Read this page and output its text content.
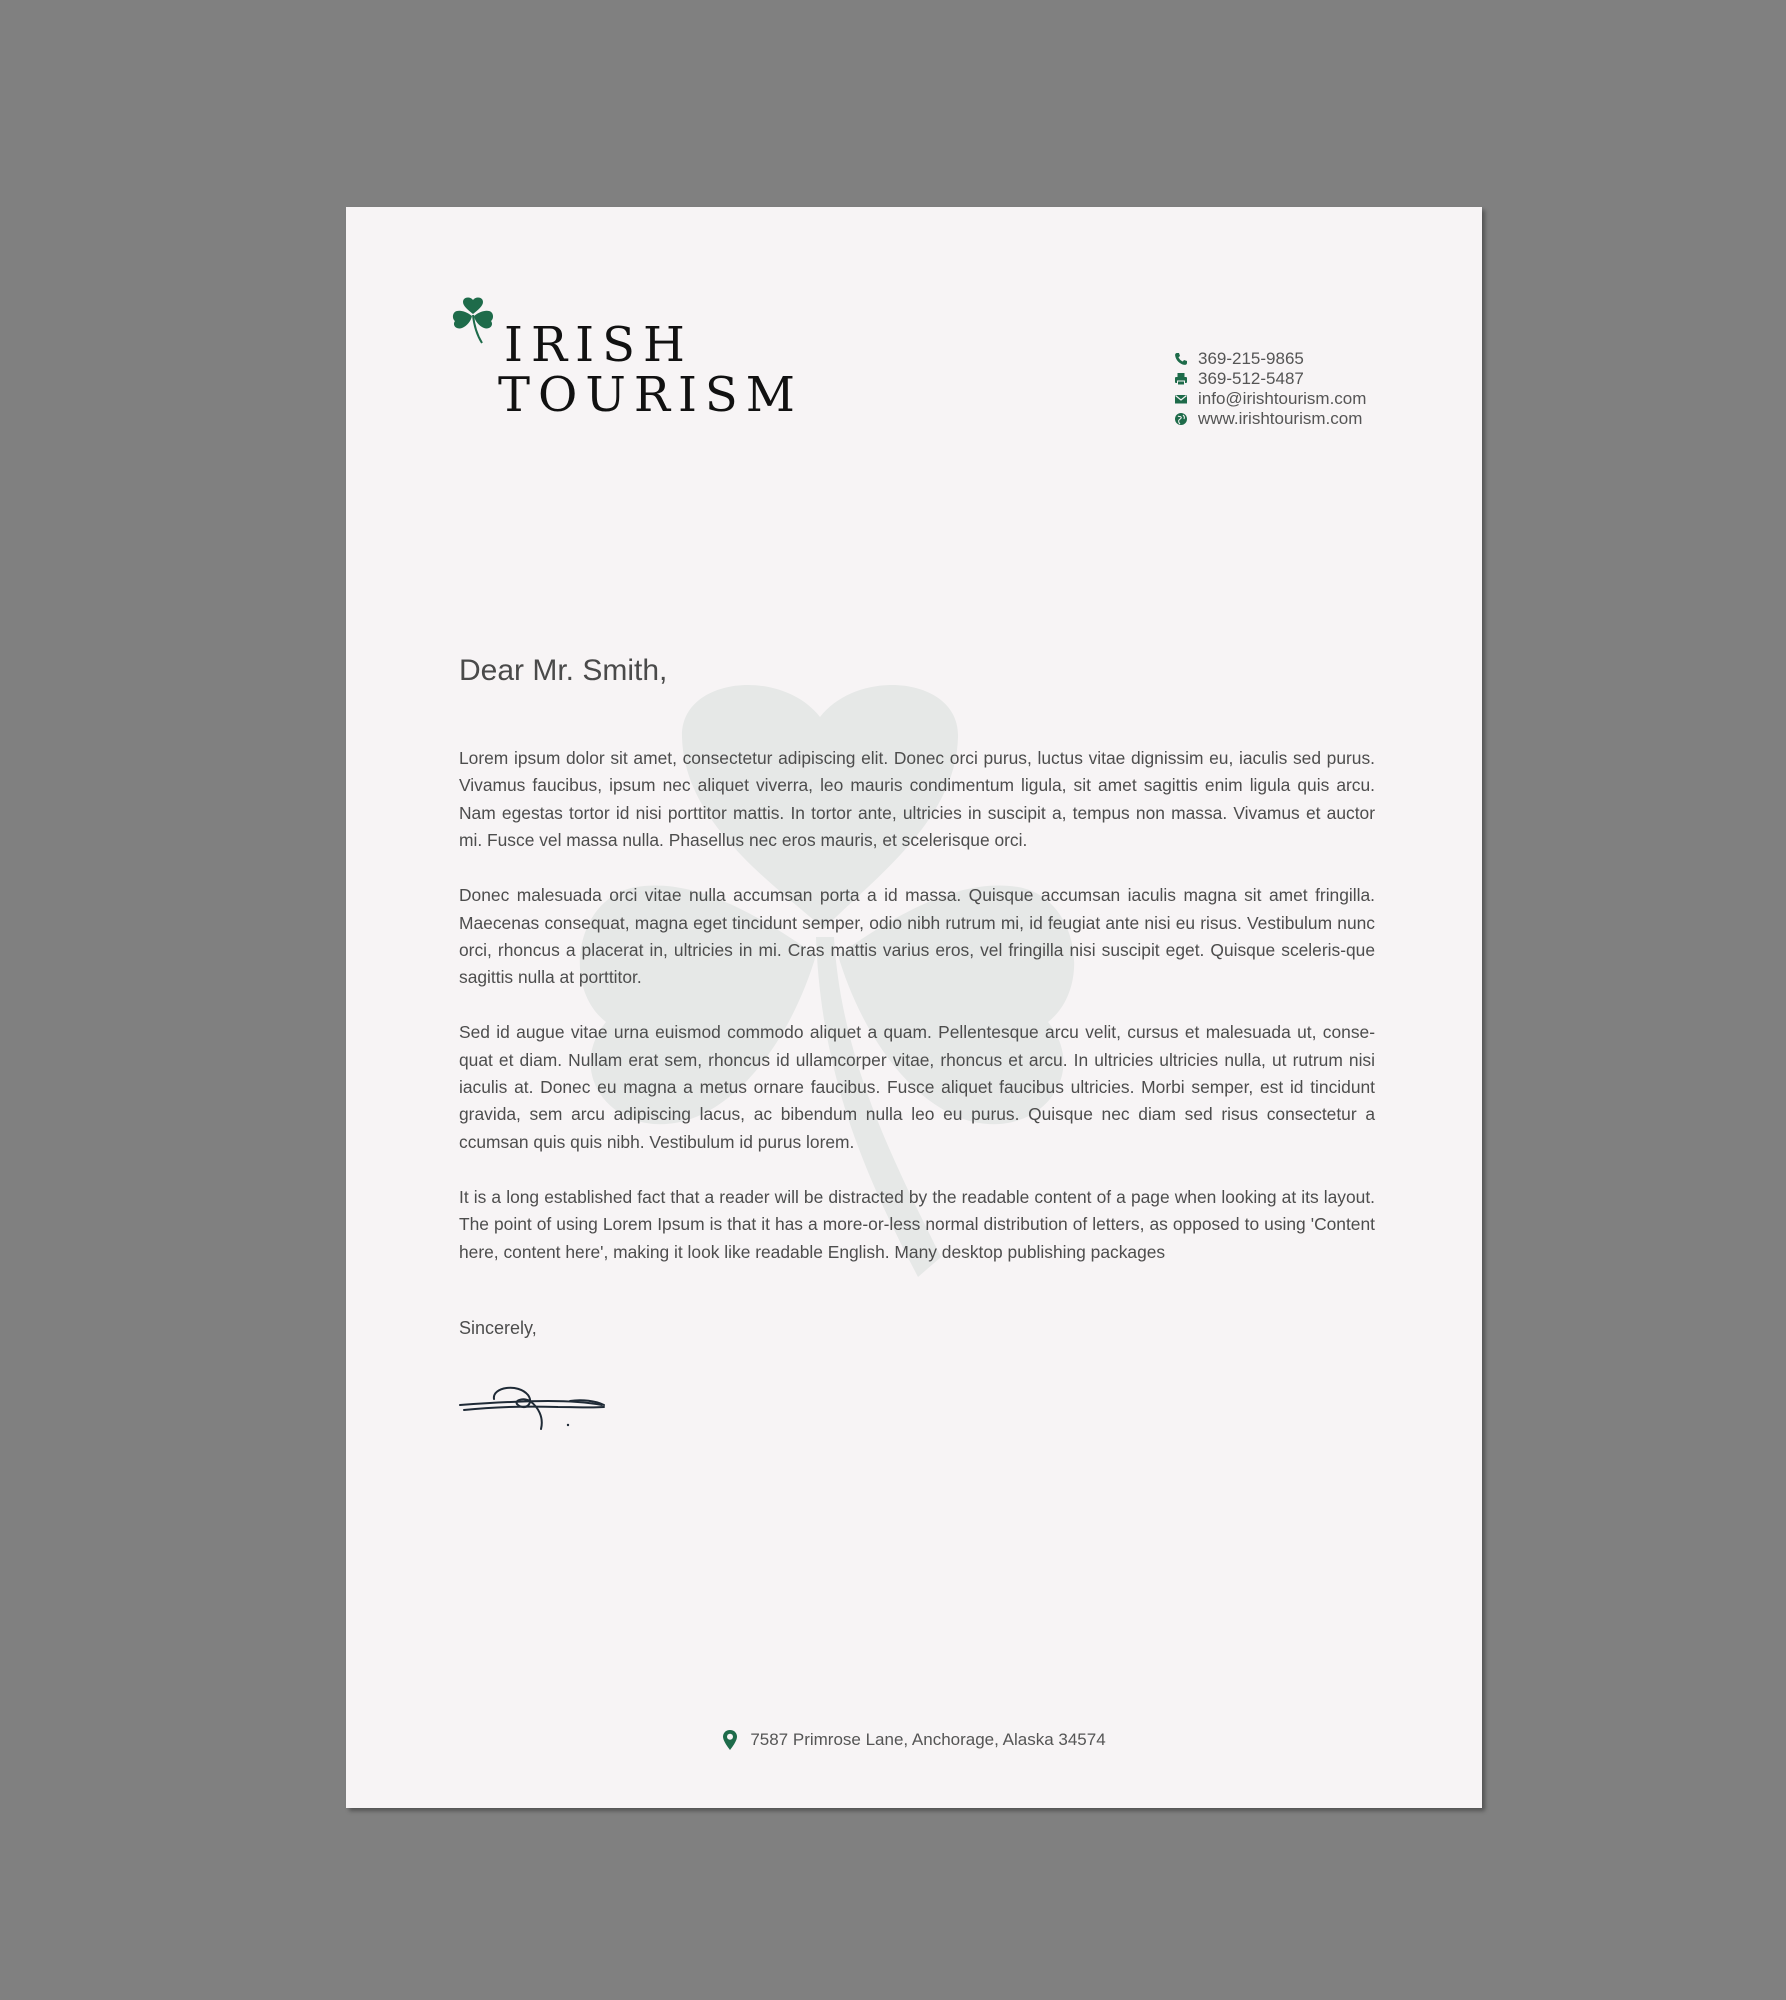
IRISH
TOURISM
369-215-9865
369-512-5487
info@irishtourism.com
www.irishtourism.com
Dear Mr. Smith,

Lorem ipsum dolor sit amet, consectetur adipiscing elit. Donec orci purus, luctus vitae dignissim eu, iaculis sed purus. Vivamus faucibus, ipsum nec aliquet viverra, leo mauris condimentum ligula, sit amet sagittis enim ligula quis arcu. Nam egestas tortor id nisi porttitor mattis. In tortor ante, ultricies in suscipit a, tempus non massa. Vivamus et auctor mi. Fusce vel massa nulla. Phasellus nec eros mauris, et scelerisque orci.

Donec malesuada orci vitae nulla accumsan porta a id massa. Quisque accumsan iaculis magna sit amet fringilla. Maecenas consequat, magna eget tincidunt semper, odio nibh rutrum mi, id feugiat ante nisi eu risus. Vestibulum nunc orci, rhoncus a placerat in, ultricies in mi. Cras mattis varius eros, vel fringilla nisi suscipit eget. Quisque sceleris-que sagittis nulla at porttitor.

Sed id augue vitae urna euismod commodo aliquet a quam. Pellentesque arcu velit, cursus et malesuada ut, conse-quat et diam. Nullam erat sem, rhoncus id ullamcorper vitae, rhoncus et arcu. In ultricies ultricies nulla, ut rutrum nisi iaculis at. Donec eu magna a metus ornare faucibus. Fusce aliquet faucibus ultricies. Morbi semper, est id tincidunt gravida, sem arcu adipiscing lacus, ac bibendum nulla leo eu purus. Quisque nec diam sed risus consectetur a ccumsan quis quis nibh. Vestibulum id purus lorem.

It is a long established fact that a reader will be distracted by the readable content of a page when looking at its layout. The point of using Lorem Ipsum is that it has a more-or-less normal distribution of letters, as opposed to using 'Content here, content here', making it look like readable English. Many desktop publishing packages

Sincerely,
7587 Primrose Lane, Anchorage, Alaska 34574
